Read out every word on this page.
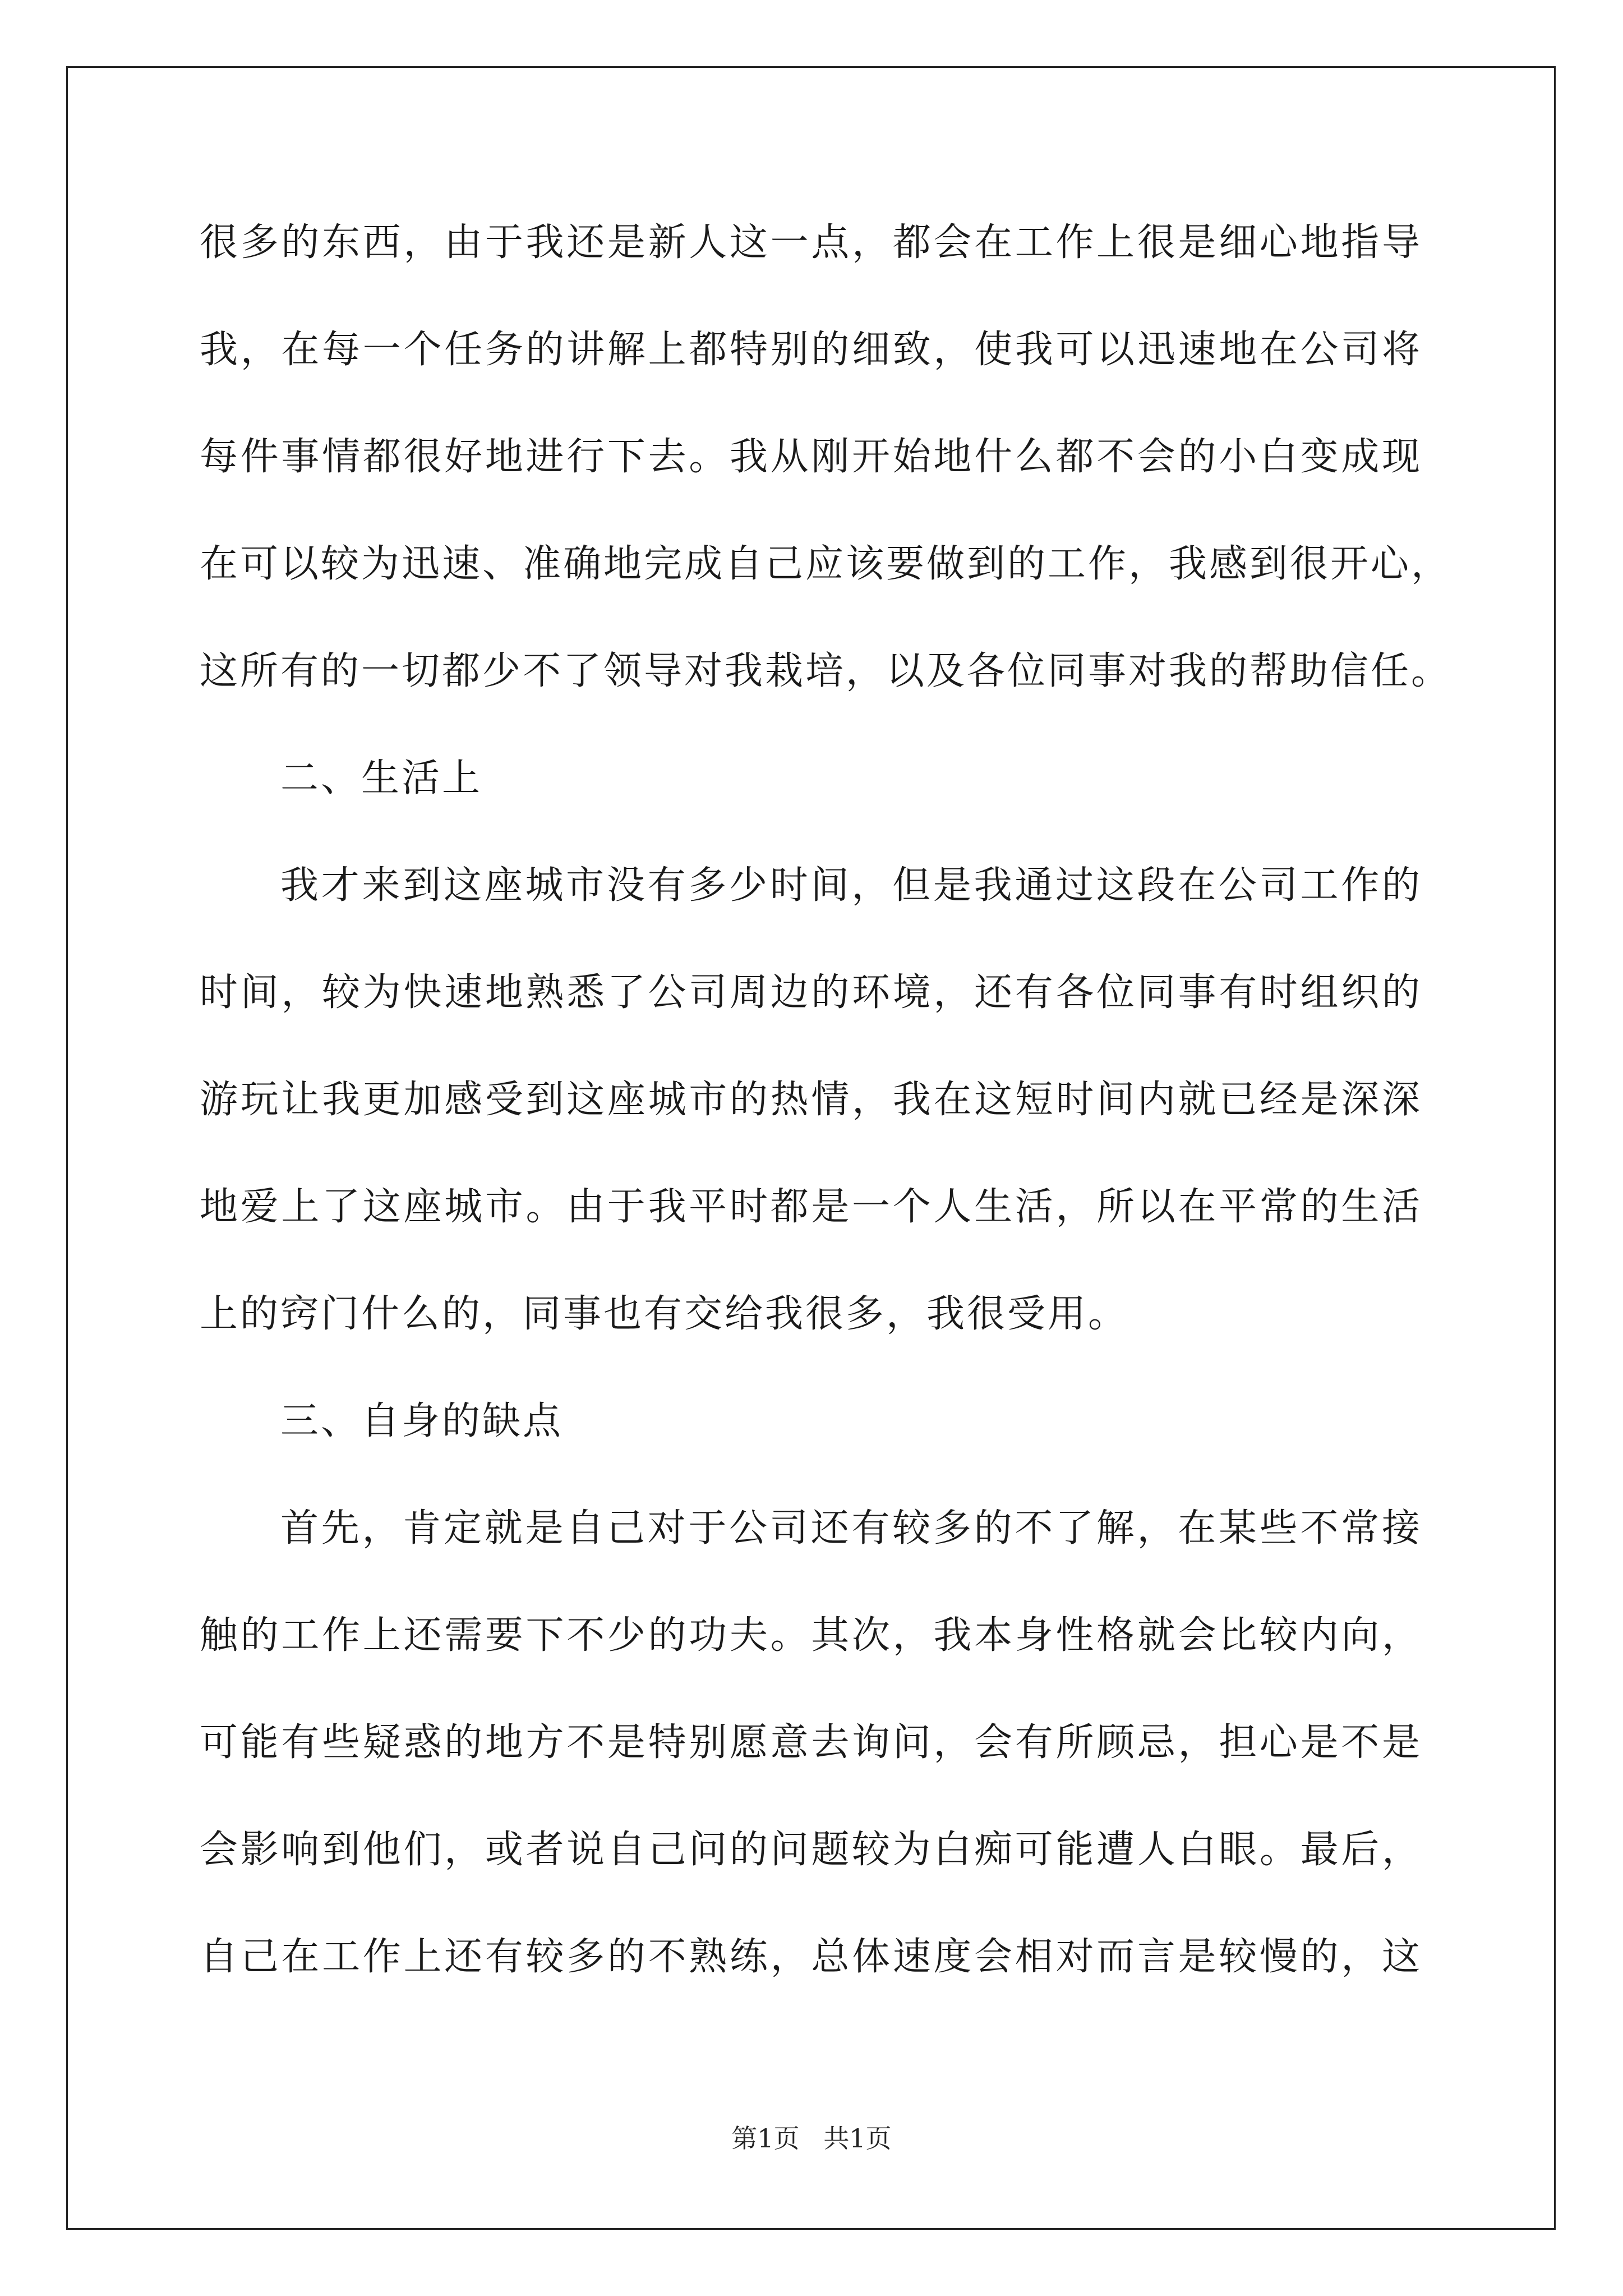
很多的东西，由于我还是新人这一点，都会在工作上很是细心地指导
我，在每一个任务的讲解上都特别的细致，使我可以迅速地在公司将
每件事情都很好地进行下去。我从刚开始地什么都不会的小白变成现
在可以较为迅速、准确地完成自己应该要做到的工作，我感到很开心，
这所有的一切都少不了领导对我栽培，以及各位同事对我的帮助信任。
二、生活上
我才来到这座城市没有多少时间，但是我通过这段在公司工作的
时间，较为快速地熟悉了公司周边的环境，还有各位同事有时组织的
游玩让我更加感受到这座城市的热情，我在这短时间内就已经是深深
地爱上了这座城市。由于我平时都是一个人生活，所以在平常的生活
上的窍门什么的，同事也有交给我很多，我很受用。
三、自身的缺点
首先，肯定就是自己对于公司还有较多的不了解，在某些不常接
触的工作上还需要下不少的功夫。其次，我本身性格就会比较内向，
可能有些疑惑的地方不是特别愿意去询问，会有所顾忌，担心是不是
会影响到他们，或者说自己问的问题较为白痴可能遭人白眼。最后，
自己在工作上还有较多的不熟练，总体速度会相对而言是较慢的，这
第1页 共1页
